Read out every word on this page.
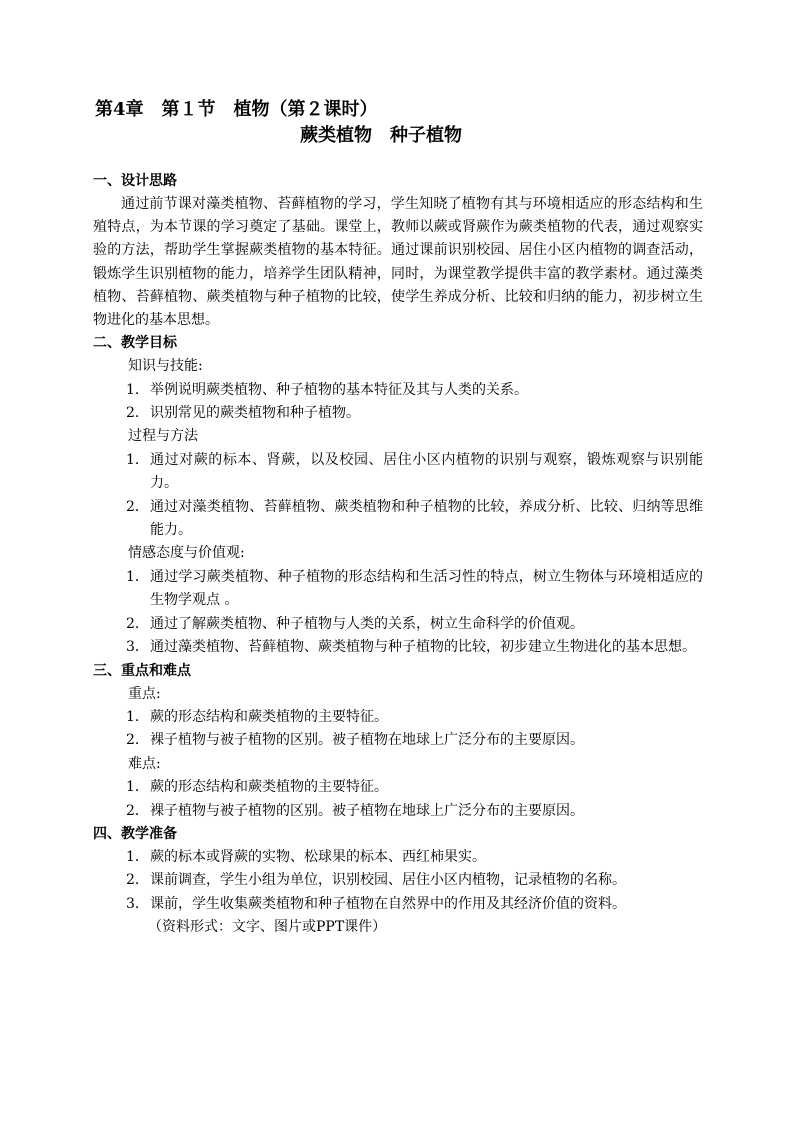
第4章　第１节　植物（第２课时）
蕨类植物　种子植物
一、设计思路
通过前节课对藻类植物、苔藓植物的学习，学生知晓了植物有其与环境相适应的形态结构和生殖特点，为本节课的学习奠定了基础。课堂上，教师以蕨或肾蕨作为蕨类植物的代表，通过观察实验的方法，帮助学生掌握蕨类植物的基本特征。通过课前识别校园、居住小区内植物的调查活动，锻炼学生识别植物的能力，培养学生团队精神，同时，为课堂教学提供丰富的教学素材。通过藻类植物、苔藓植物、蕨类植物与种子植物的比较，使学生养成分析、比较和归纳的能力，初步树立生物进化的基本思想。
二、教学目标
知识与技能:
1． 举例说明蕨类植物、种子植物的基本特征及其与人类的关系。
2． 识别常见的蕨类植物和种子植物。
过程与方法
1． 通过对蕨的标本、肾蕨，以及校园、居住小区内植物的识别与观察，锻炼观察与识别能力。
2． 通过对藻类植物、苔藓植物、蕨类植物和种子植物的比较，养成分析、比较、归纳等思维能力。
情感态度与价值观:
1． 通过学习蕨类植物、种子植物的形态结构和生活习性的特点，树立生物体与环境相适应的生物学观点 。
2． 通过了解蕨类植物、种子植物与人类的关系，树立生命科学的价值观。
3． 通过藻类植物、苔藓植物、蕨类植物与种子植物的比较，初步建立生物进化的基本思想。
三、重点和难点
重点:
1． 蕨的形态结构和蕨类植物的主要特征。
2． 裸子植物与被子植物的区别。被子植物在地球上广泛分布的主要原因。
难点:
1． 蕨的形态结构和蕨类植物的主要特征。
2． 裸子植物与被子植物的区别。被子植物在地球上广泛分布的主要原因。
四、教学准备
1． 蕨的标本或肾蕨的实物、松球果的标本、西红柿果实。
2． 课前调查，学生小组为单位，识别校园、居住小区内植物，记录植物的名称。
3． 课前，学生收集蕨类植物和种子植物在自然界中的作用及其经济价值的资料。
（资料形式：文字、图片或PPT课件）
